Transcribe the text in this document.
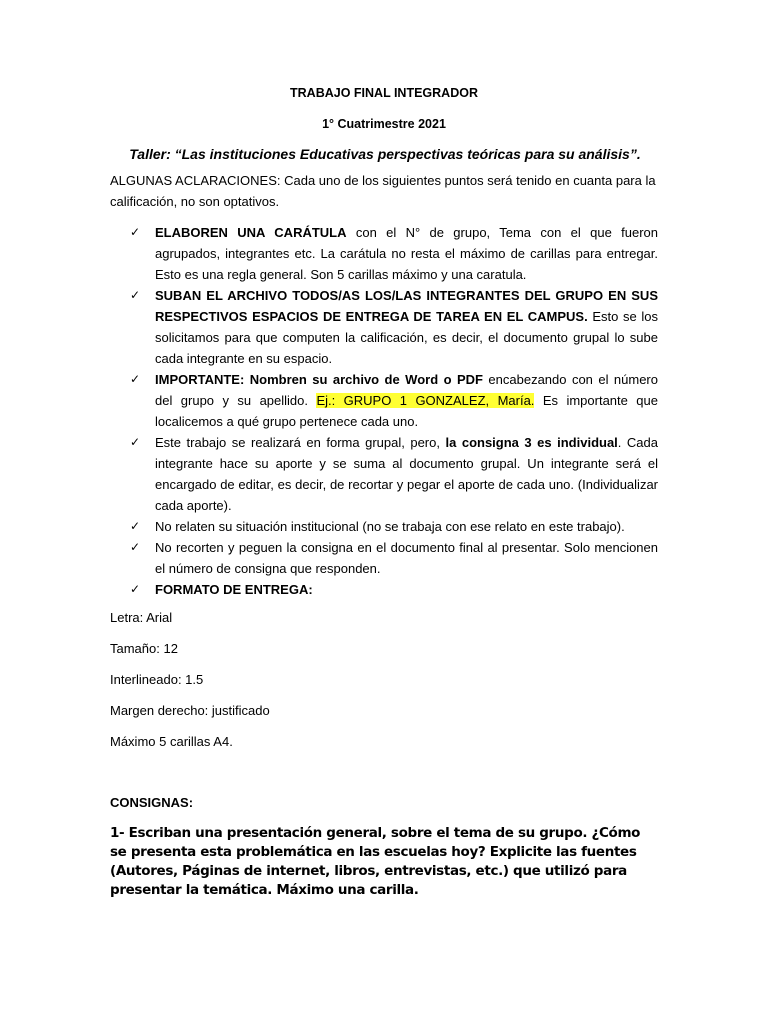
TRABAJO FINAL INTEGRADOR
1° Cuatrimestre 2021
Taller: “Las instituciones Educativas perspectivas teóricas para su análisis”.
ALGUNAS ACLARACIONES: Cada uno de los siguientes puntos será tenido en cuanta para la calificación, no son optativos.
✓ ELABOREN UNA CARÁTULA con el N° de grupo, Tema con el que fueron agrupados, integrantes etc. La carátula no resta el máximo de carillas para entregar. Esto es una regla general. Son 5 carillas máximo y una caratula.
✓ SUBAN EL ARCHIVO TODOS/AS LOS/LAS INTEGRANTES DEL GRUPO EN SUS RESPECTIVOS ESPACIOS DE ENTREGA DE TAREA EN EL CAMPUS. Esto se los solicitamos para que computen la calificación, es decir, el documento grupal lo sube cada integrante en su espacio.
✓ IMPORTANTE: Nombren su archivo de Word o PDF encabezando con el número del grupo y su apellido. Ej.: GRUPO 1 GONZALEZ, María. Es importante que localicemos a qué grupo pertenece cada uno.
✓ Este trabajo se realizará en forma grupal, pero, la consigna 3 es individual. Cada integrante hace su aporte y se suma al documento grupal. Un integrante será el encargado de editar, es decir, de recortar y pegar el aporte de cada uno. (Individualizar cada aporte).
✓ No relaten su situación institucional (no se trabaja con ese relato en este trabajo).
✓ No recorten y peguen la consigna en el documento final al presentar. Solo mencionen el número de consigna que responden.
✓ FORMATO DE ENTREGA:
Letra: Arial
Tamaño: 12
Interlineado: 1.5
Margen derecho: justificado
Máximo 5 carillas A4.
CONSIGNAS:
1- Escriban una presentación general, sobre el tema de su grupo. ¿Cómo se presenta esta problemática en las escuelas hoy? Explicite las fuentes (Autores, Páginas de internet, libros, entrevistas, etc.) que utilizó para presentar la temática. Máximo una carilla.
